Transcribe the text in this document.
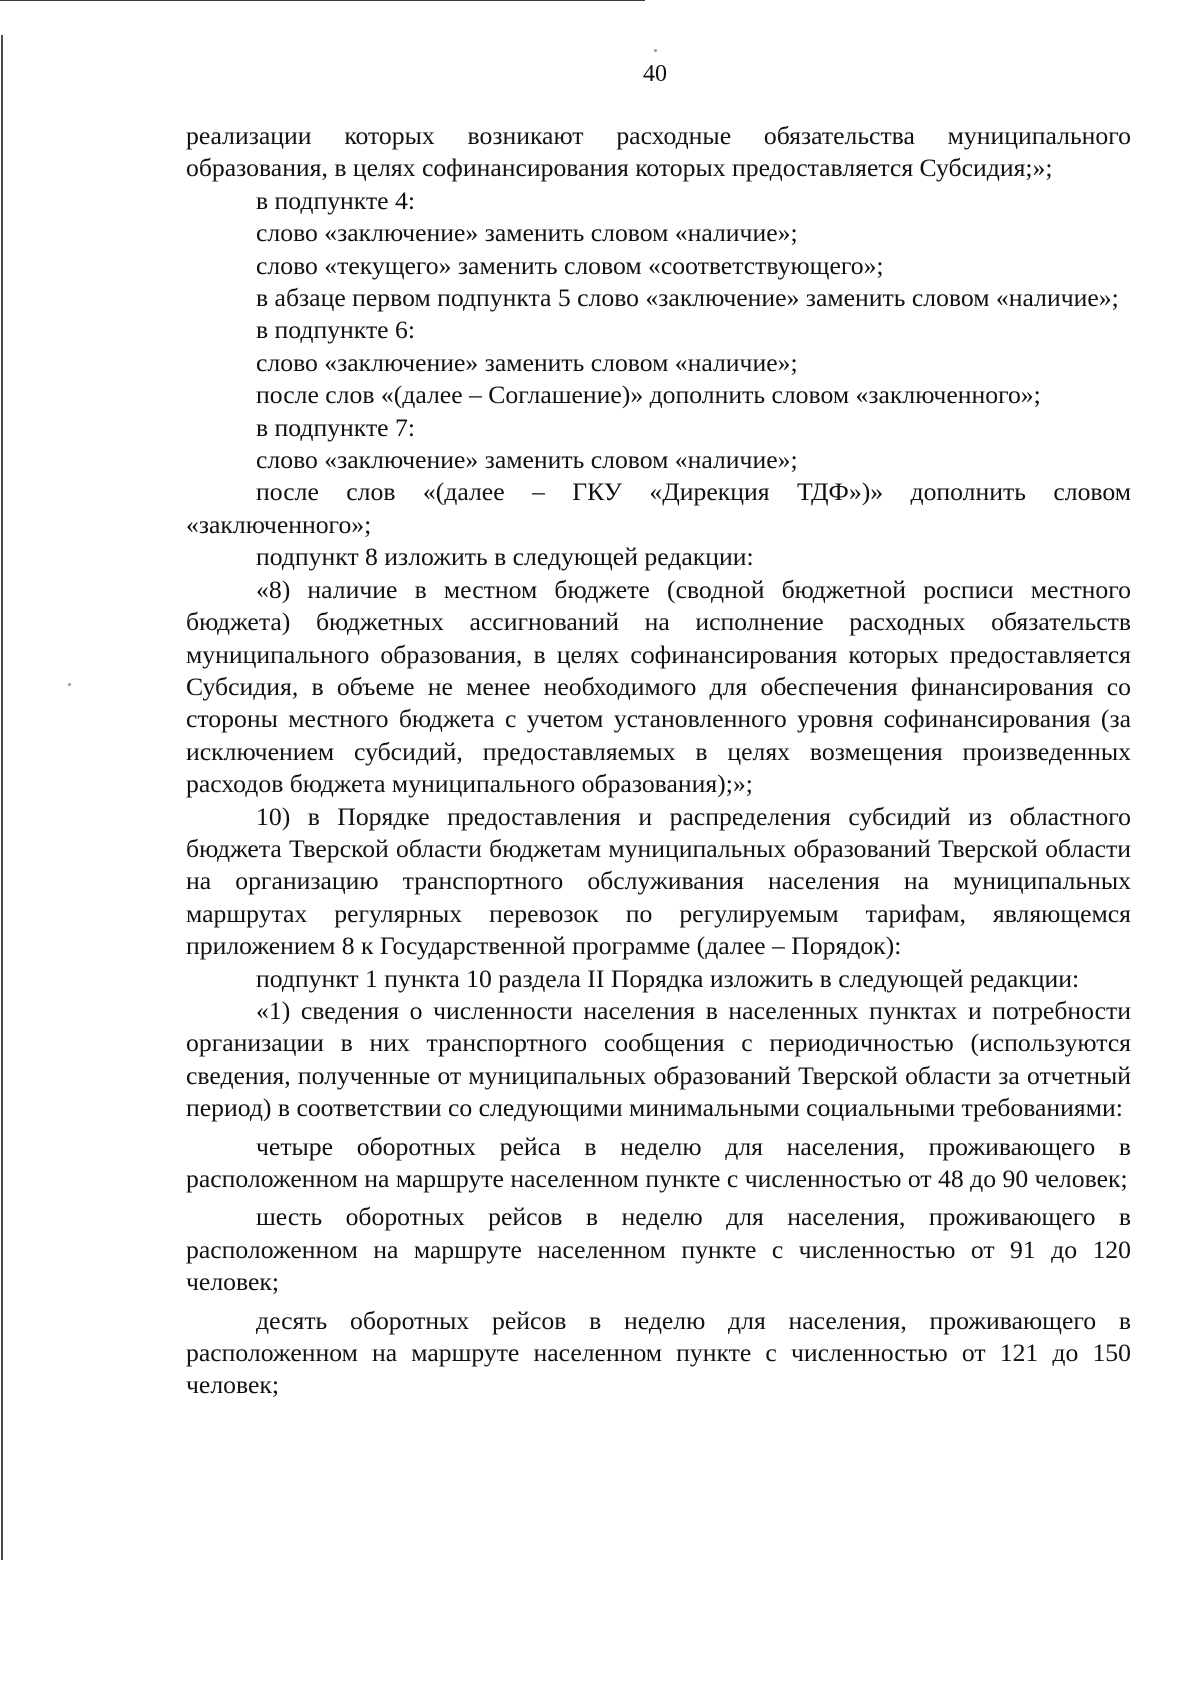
40

реализации которых возникают расходные обязательства муниципального образования, в целях софинансирования которых предоставляется Субсидия;»;

в подпункте 4:

слово «заключение» заменить словом «наличие»;

слово «текущего» заменить словом «соответствующего»;

в абзаце первом подпункта 5 слово «заключение» заменить словом «наличие»;

в подпункте 6:

слово «заключение» заменить словом «наличие»;

после слов «(далее – Соглашение)» дополнить словом «заключенного»;

в подпункте 7:

слово «заключение» заменить словом «наличие»;

после слов «(далее – ГКУ «Дирекция ТДФ»)» дополнить словом «заключенного»;

подпункт 8 изложить в следующей редакции:

«8) наличие в местном бюджете (сводной бюджетной росписи местного бюджета) бюджетных ассигнований на исполнение расходных обязательств муниципального образования, в целях софинансирования которых предоставляется Субсидия, в объеме не менее необходимого для обеспечения финансирования со стороны местного бюджета с учетом установленного уровня софинансирования (за исключением субсидий, предоставляемых в целях возмещения произведенных расходов бюджета муниципального образования);»;

10) в Порядке предоставления и распределения субсидий из областного бюджета Тверской области бюджетам муниципальных образований Тверской области на организацию транспортного обслуживания населения на муниципальных маршрутах регулярных перевозок по регулируемым тарифам, являющемся приложением 8 к Государственной программе (далее – Порядок):

подпункт 1 пункта 10 раздела II Порядка изложить в следующей редакции:

«1) сведения о численности населения в населенных пунктах и потребности организации в них транспортного сообщения с периодичностью (используются сведения, полученные от муниципальных образований Тверской области за отчетный период) в соответствии со следующими минимальными социальными требованиями:

четыре оборотных рейса в неделю для населения, проживающего в расположенном на маршруте населенном пункте с численностью от 48 до 90 человек;

шесть оборотных рейсов в неделю для населения, проживающего в расположенном на маршруте населенном пункте с численностью от 91 до 120 человек;

десять оборотных рейсов в неделю для населения, проживающего в расположенном на маршруте населенном пункте с численностью от 121 до 150 человек;
